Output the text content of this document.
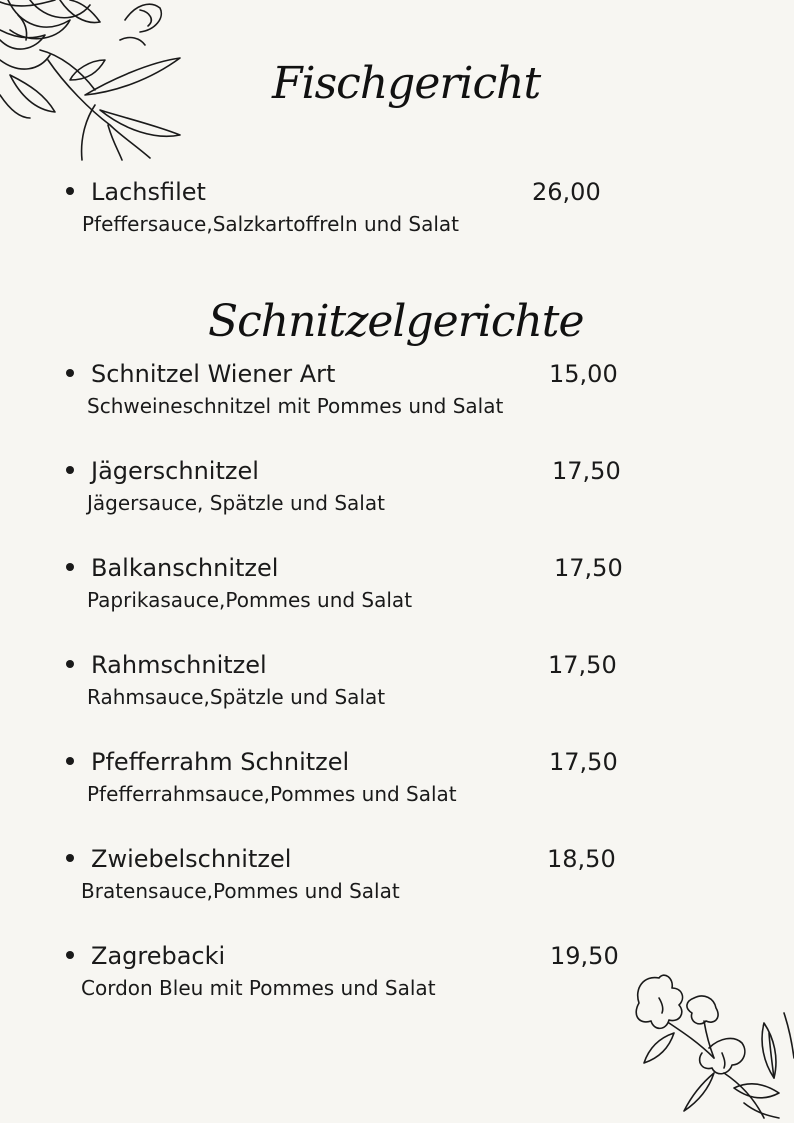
Fischgericht
Lachsfilet	26,00
Pfeffersauce,Salzkartoffreln und Salat
Schnitzelgerichte
Schnitzel Wiener Art	15,00
Schweineschnitzel mit Pommes und Salat
Jägerschnitzel	17,50
Jägersauce, Spätzle und Salat
Balkanschnitzel	17,50
Paprikasauce,Pommes und Salat
Rahmschnitzel	17,50
Rahmsauce,Spätzle und Salat
Pfefferrahm Schnitzel	17,50
Pfefferrahmsauce,Pommes und Salat
Zwiebelschnitzel	18,50
Bratensauce,Pommes und Salat
Zagrebacki	19,50
Cordon Bleu mit Pommes und Salat
